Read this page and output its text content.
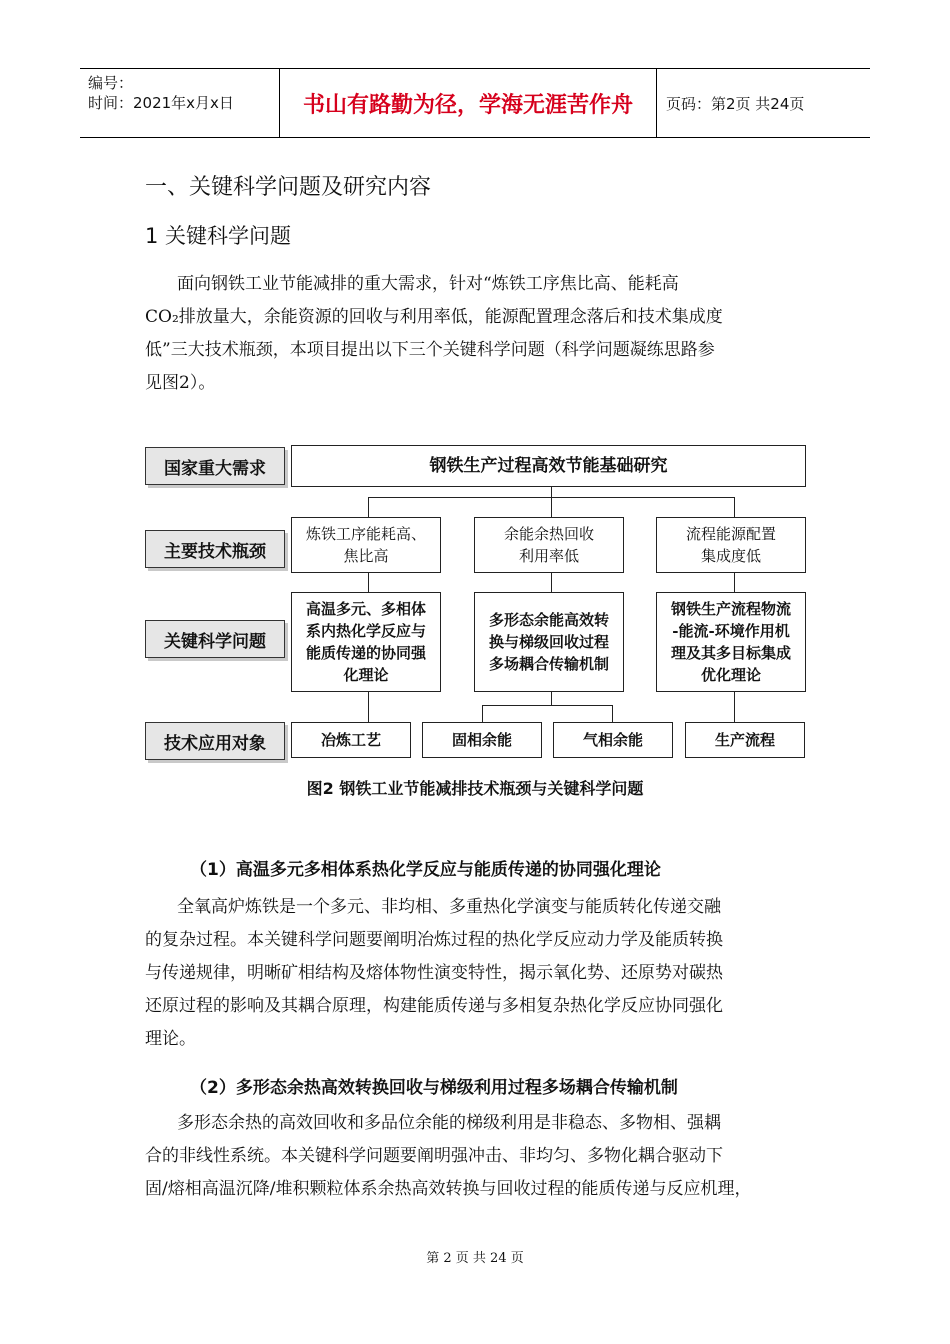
编号：
时间：2021年x月x日	书山有路勤为径，学海无涯苦作舟	页码：第2页 共24页
一、关键科学问题及研究内容
1 关键科学问题
面向钢铁工业节能减排的重大需求，针对“炼铁工序焦比高、能耗高
CO₂排放量大，余能资源的回收与利用率低，能源配置理念落后和技术集成度
低”三大技术瓶颈，本项目提出以下三个关键科学问题（科学问题凝练思路参
见图2）。
国家重大需求
主要技术瓶颈
关键科学问题
技术应用对象
钢铁生产过程高效节能基础研究
炼铁工序能耗高、
焦比高
余能余热回收
利用率低
流程能源配置
集成度低
高温多元、多相体
系内热化学反应与
能质传递的协同强
化理论
多形态余能高效转
换与梯级回收过程
多场耦合传输机制
钢铁生产流程物流
-能流-环境作用机
理及其多目标集成
优化理论
冶炼工艺	固相余能	气相余能	生产流程
图2 钢铁工业节能减排技术瓶颈与关键科学问题
（1）高温多元多相体系热化学反应与能质传递的协同强化理论
全氧高炉炼铁是一个多元、非均相、多重热化学演变与能质转化传递交融
的复杂过程。本关键科学问题要阐明冶炼过程的热化学反应动力学及能质转换
与传递规律，明晰矿相结构及熔体物性演变特性，揭示氧化势、还原势对碳热
还原过程的影响及其耦合原理，构建能质传递与多相复杂热化学反应协同强化
理论。
（2）多形态余热高效转换回收与梯级利用过程多场耦合传输机制
多形态余热的高效回收和多品位余能的梯级利用是非稳态、多物相、强耦
合的非线性系统。本关键科学问题要阐明强冲击、非均匀、多物化耦合驱动下
固/熔相高温沉降/堆积颗粒体系余热高效转换与回收过程的能质传递与反应机理，
第 2 页 共 24 页
